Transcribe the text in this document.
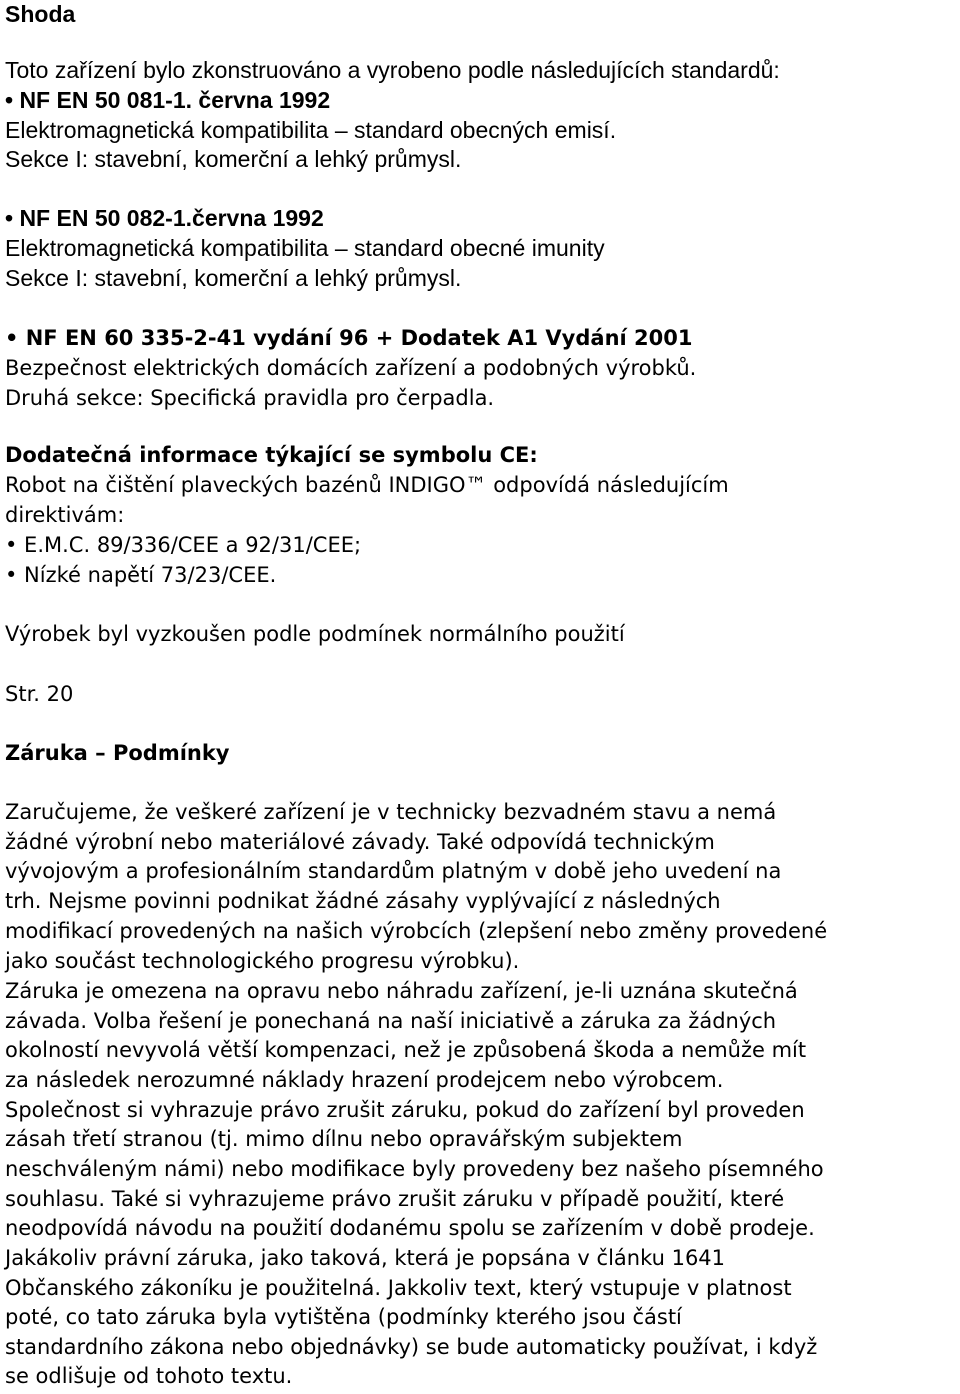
Shoda
Toto zařízení bylo zkonstruováno a vyrobeno podle následujících standardů:
• NF EN 50 081-1. června 1992
Elektromagnetická kompatibilita – standard obecných emisí.
Sekce I: stavební, komerční a lehký průmysl.
• NF EN 50 082-1.června 1992
Elektromagnetická kompatibilita – standard obecné imunity
Sekce I: stavební, komerční a lehký průmysl.
• NF EN 60 335-2-41 vydání 96 + Dodatek A1 Vydání 2001
Bezpečnost elektrických domácích zařízení a podobných výrobků.
Druhá sekce: Specifická pravidla pro čerpadla.
Dodatečná informace týkající se symbolu CE:
Robot na čištění plaveckých bazénů INDIGO™ odpovídá následujícím
direktivám:
• E.M.C. 89/336/CEE a 92/31/CEE;
• Nízké napětí 73/23/CEE.
Výrobek byl vyzkoušen podle podmínek normálního použití
Str. 20
Záruka – Podmínky
Zaručujeme, že veškeré zařízení je v technicky bezvadném stavu a nemá
žádné výrobní nebo materiálové závady. Také odpovídá technickým
vývojovým a profesionálním standardům platným v době jeho uvedení na
trh. Nejsme povinni podnikat žádné zásahy vyplývající z následných
modifikací provedených na našich výrobcích (zlepšení nebo změny provedené
jako součást technologického progresu výrobku).
Záruka je omezena na opravu nebo náhradu zařízení, je-li uznána skutečná
závada. Volba řešení je ponechaná na naší iniciativě a záruka za žádných
okolností nevyvolá větší kompenzaci, než je způsobená škoda a nemůže mít
za následek nerozumné náklady hrazení prodejcem nebo výrobcem.
Společnost si vyhrazuje právo zrušit záruku, pokud do zařízení byl proveden
zásah třetí stranou (tj. mimo dílnu nebo opravářským subjektem
neschváleným námi) nebo modifikace byly provedeny bez našeho písemného
souhlasu. Také si vyhrazujeme právo zrušit záruku v případě použití, které
neodpovídá návodu na použití dodanému spolu se zařízením v době prodeje.
Jakákoliv právní záruka, jako taková, která je popsána v článku 1641
Občanského zákoníku je použitelná. Jakkoliv text, který vstupuje v platnost
poté, co tato záruka byla vytištěna (podmínky kterého jsou částí
standardního zákona nebo objednávky) se bude automaticky používat, i když
se odlišuje od tohoto textu.
